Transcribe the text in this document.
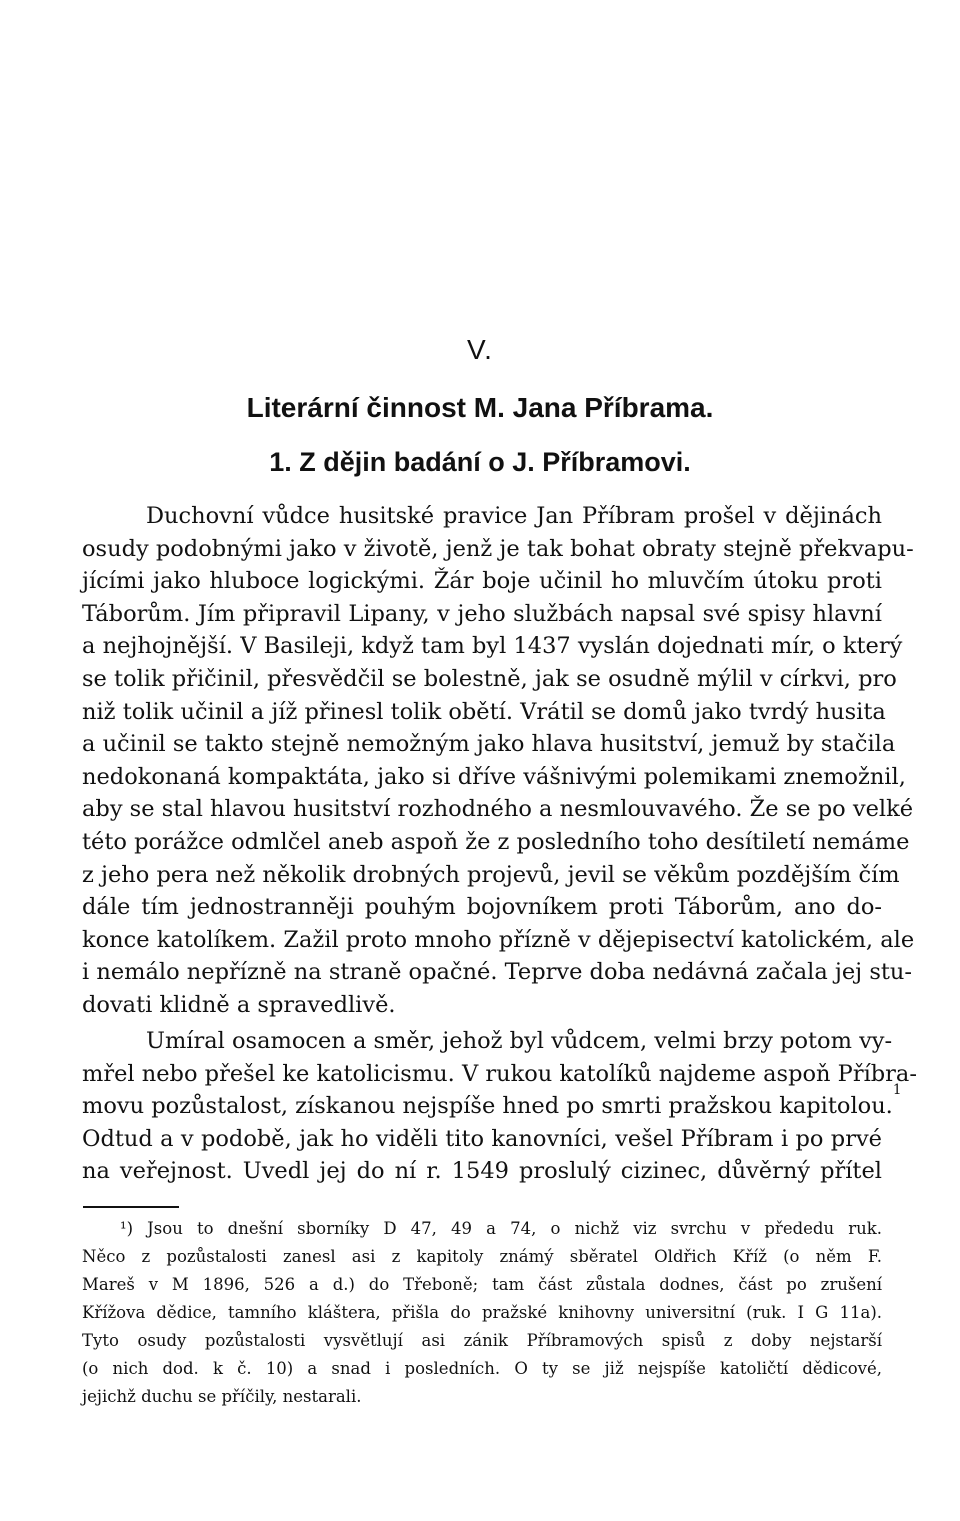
V.
Literární činnost M. Jana Příbrama.
1. Z dějin badání o J. Příbramovi.
Duchovní vůdce husitské pravice Jan Příbram prošel v dějinách
osudy podobnými jako v životě, jenž je tak bohat obraty stejně překvapu-
jícími jako hluboce logickými. Žár boje učinil ho mluvčím útoku proti
Táborům. Jím připravil Lipany, v jeho službách napsal své spisy hlavní
a nejhojnější. V Basileji, když tam byl 1437 vyslán dojednati mír, o který
se tolik přičinil, přesvědčil se bolestně, jak se osudně mýlil v církvi, pro
niž tolik učinil a jíž přinesl tolik obětí. Vrátil se domů jako tvrdý husita
a učinil se takto stejně nemožným jako hlava husitství, jemuž by stačila
nedokonaná kompaktáta, jako si dříve vášnivými polemikami znemožnil,
aby se stal hlavou husitství rozhodného a nesmlouvavého. Že se po velké
této porážce odmlčel aneb aspoň že z posledního toho desítiletí nemáme
z jeho pera než několik drobných projevů, jevil se věkům pozdějším čím
dále tím jednostranněji pouhým bojovníkem proti Táborům, ano do-
konce katolíkem. Zažil proto mnoho přízně v dějepisectví katolickém, ale
i nemálo nepřízně na straně opačné. Teprve doba nedávná začala jej stu-
dovati klidně a spravedlivě.
Umíral osamocen a směr, jehož byl vůdcem, velmi brzy potom vy-
mřel nebo přešel ke katolicismu. V rukou katolíků najdeme aspoň Příbra-
movu pozůstalost, získanou nejspíše hned po smrti pražskou kapitolou.$^1$
Odtud a v podobě, jak ho viděli tito kanovníci, vešel Příbram i po prvé
na veřejnost. Uvedl jej do ní r. 1549 proslulý cizinec, důvěrný přítel
¹) Jsou to dnešní sborníky D 47, 49 a 74, o nichž viz svrchu v přededu ruk.
Něco z pozůstalosti zanesl asi z kapitoly známý sběratel Oldřich Kříž (o něm F.
Mareš v M 1896, 526 a d.) do Třeboně; tam část zůstala dodnes, část po zrušení
Křížova dědice, tamního kláštera, přišla do pražské knihovny universitní (ruk. I G 11a).
Tyto osudy pozůstalosti vysvětlují asi zánik Příbramových spisů z doby nejstarší
(o nich dod. k č. 10) a snad i posledních. O ty se již nejspíše katoličtí dědicové,
jejichž duchu se příčily, nestarali.
